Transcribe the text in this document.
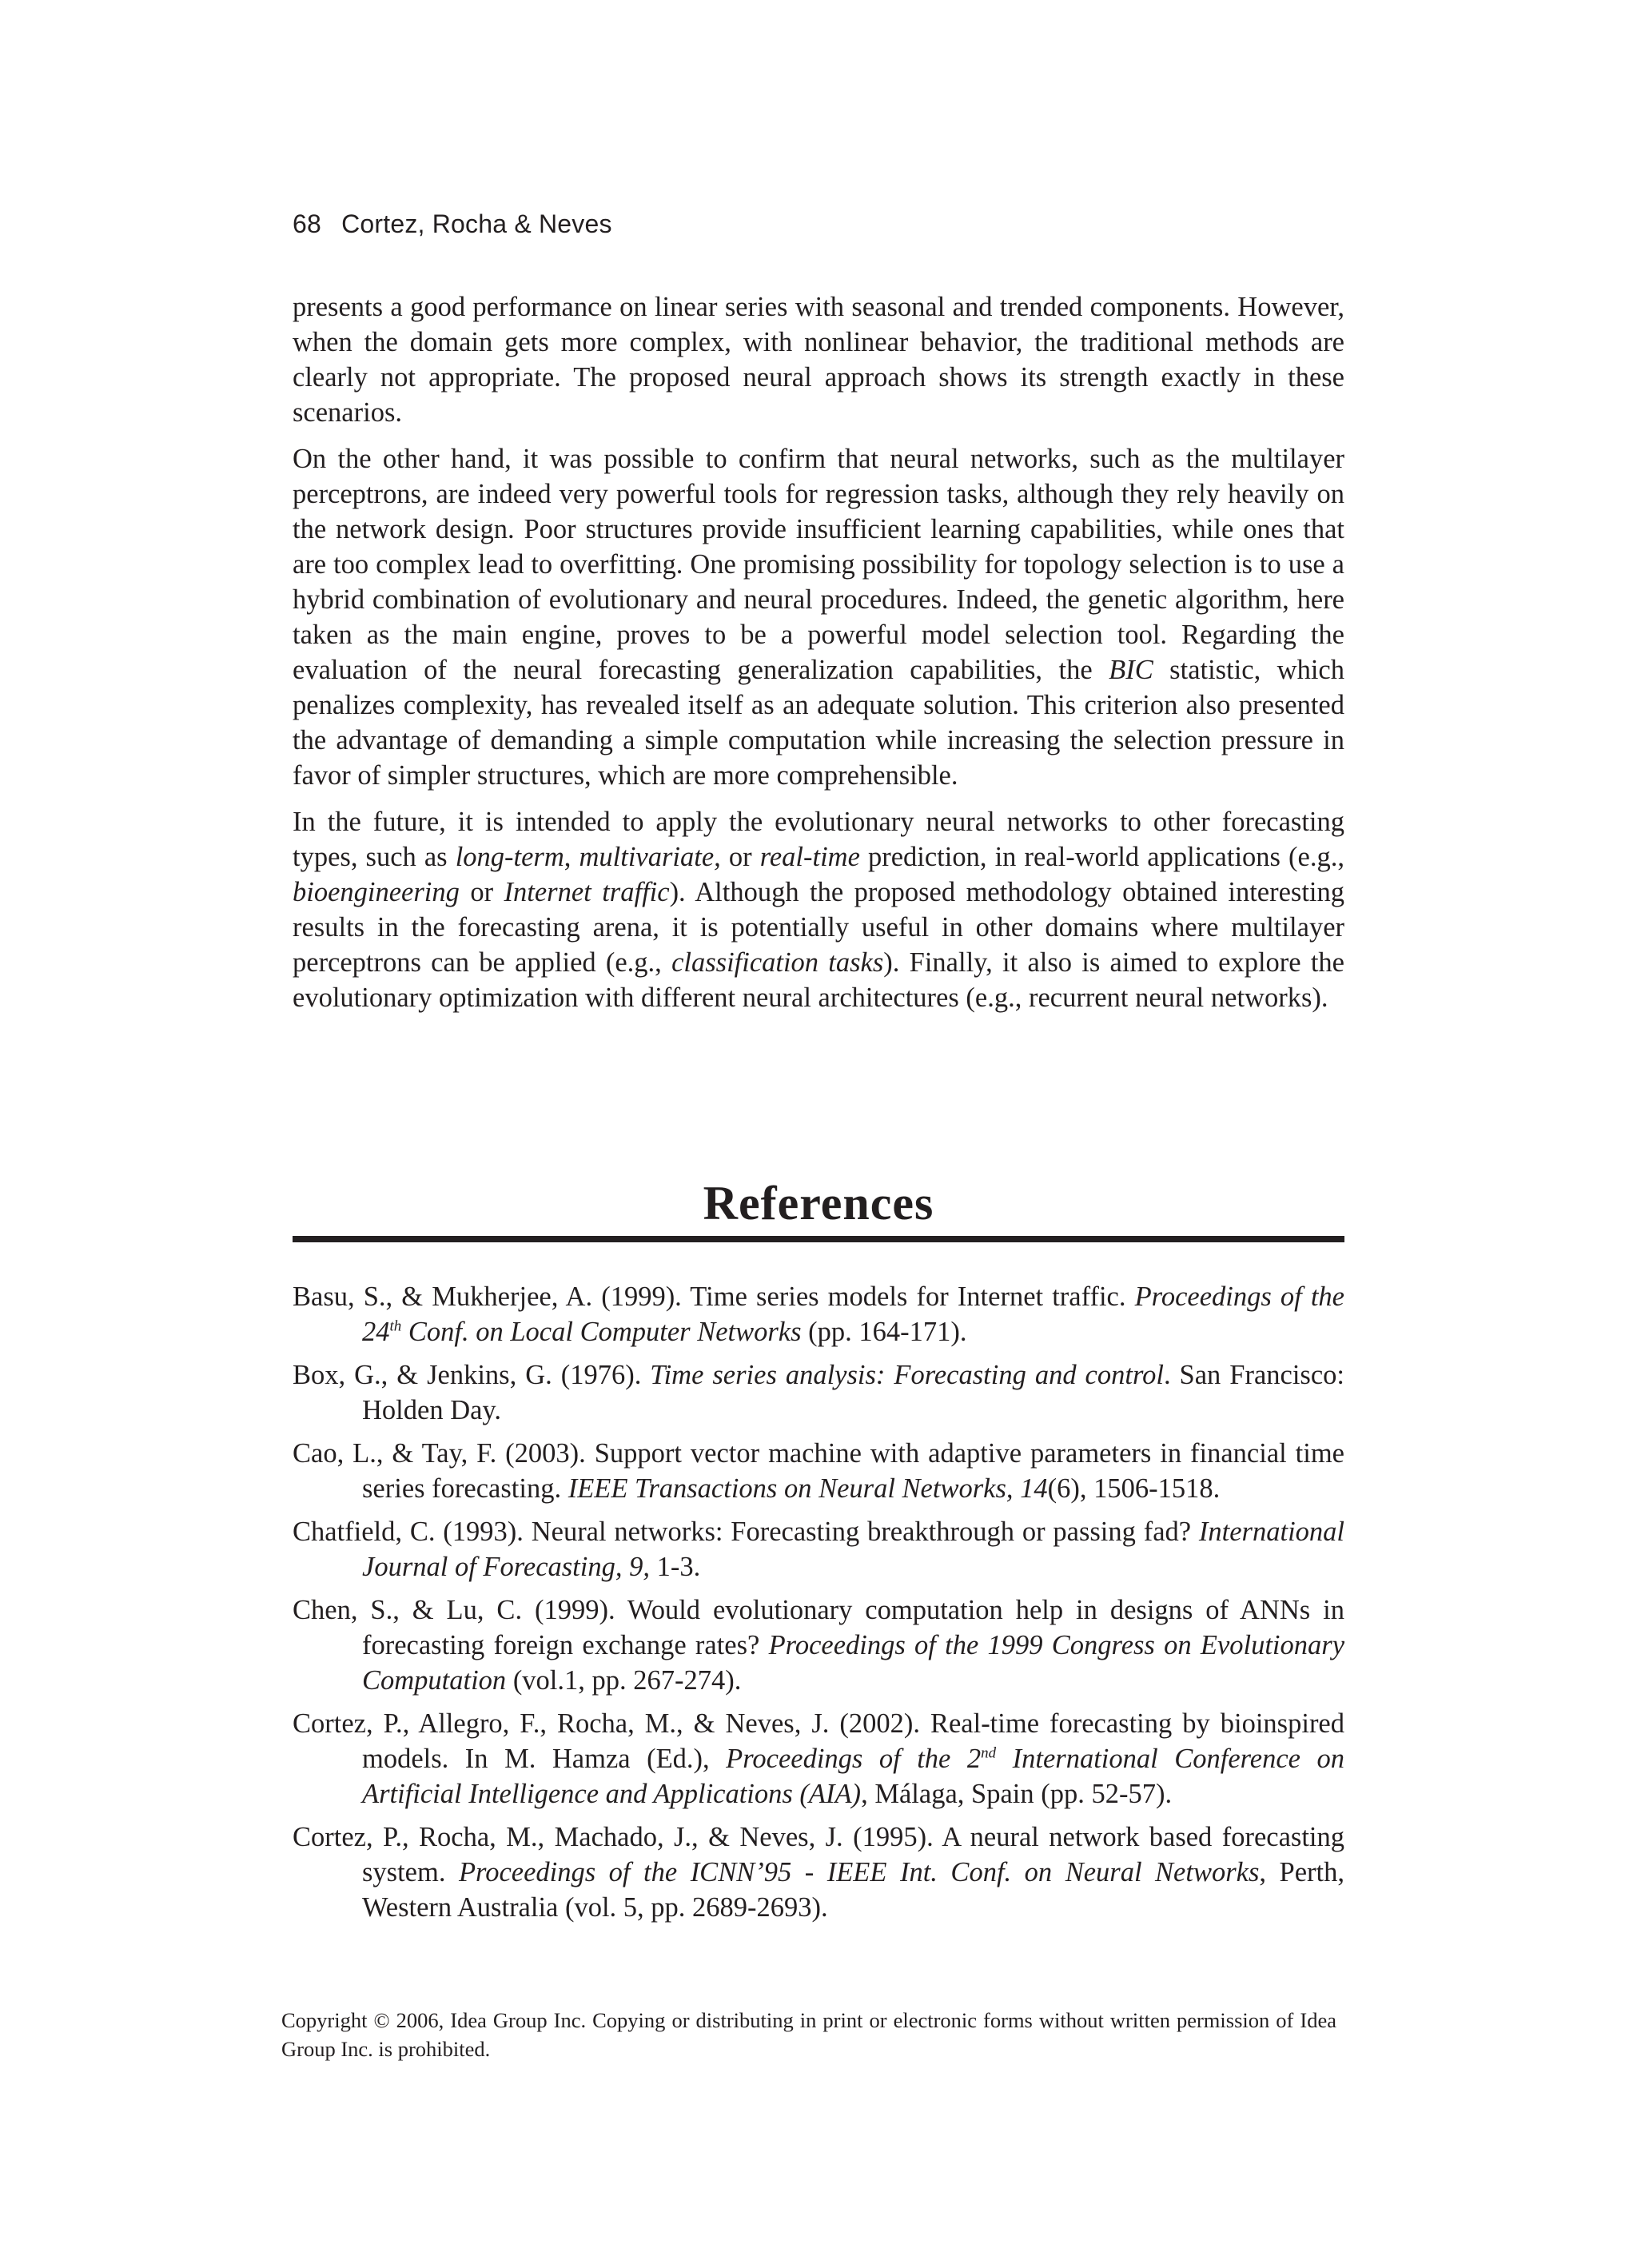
68 Cortez, Rocha & Neves

presents a good performance on linear series with seasonal and trended components. However, when the domain gets more complex, with nonlinear behavior, the traditional methods are clearly not appropriate. The proposed neural approach shows its strength exactly in these scenarios.

On the other hand, it was possible to confirm that neural networks, such as the multilayer perceptrons, are indeed very powerful tools for regression tasks, although they rely heavily on the network design. Poor structures provide insufficient learning capabilities, while ones that are too complex lead to overfitting. One promising possibility for topology selection is to use a hybrid combination of evolutionary and neural procedures. Indeed, the genetic algorithm, here taken as the main engine, proves to be a powerful model selection tool. Regarding the evaluation of the neural forecasting generalization capabilities, the BIC statistic, which penalizes complexity, has revealed itself as an adequate solution. This criterion also presented the advantage of demanding a simple computation while increasing the selection pressure in favor of simpler structures, which are more comprehensible.

In the future, it is intended to apply the evolutionary neural networks to other forecasting types, such as long-term, multivariate, or real-time prediction, in real-world applications (e.g., bioengineering or Internet traffic). Although the proposed methodology obtained interesting results in the forecasting arena, it is potentially useful in other domains where multilayer perceptrons can be applied (e.g., classification tasks). Finally, it also is aimed to explore the evolutionary optimization with different neural architectures (e.g., recurrent neural networks).

References
Basu, S., & Mukherjee, A. (1999). Time series models for Internet traffic. Proceedings of the 24th Conf. on Local Computer Networks (pp. 164-171).
Box, G., & Jenkins, G. (1976). Time series analysis: Forecasting and control. San Francisco: Holden Day.
Cao, L., & Tay, F. (2003). Support vector machine with adaptive parameters in financial time series forecasting. IEEE Transactions on Neural Networks, 14(6), 1506-1518.
Chatfield, C. (1993). Neural networks: Forecasting breakthrough or passing fad? International Journal of Forecasting, 9, 1-3.
Chen, S., & Lu, C. (1999). Would evolutionary computation help in designs of ANNs in forecasting foreign exchange rates? Proceedings of the 1999 Congress on Evolutionary Computation (vol.1, pp. 267-274).
Cortez, P., Allegro, F., Rocha, M., & Neves, J. (2002). Real-time forecasting by bioinspired models. In M. Hamza (Ed.), Proceedings of the 2nd International Conference on Artificial Intelligence and Applications (AIA), Málaga, Spain (pp. 52-57).
Cortez, P., Rocha, M., Machado, J., & Neves, J. (1995). A neural network based forecasting system. Proceedings of the ICNN’95 - IEEE Int. Conf. on Neural Networks, Perth, Western Australia (vol. 5, pp. 2689-2693).
Copyright © 2006, Idea Group Inc. Copying or distributing in print or electronic forms without written permission of Idea Group Inc. is prohibited.
